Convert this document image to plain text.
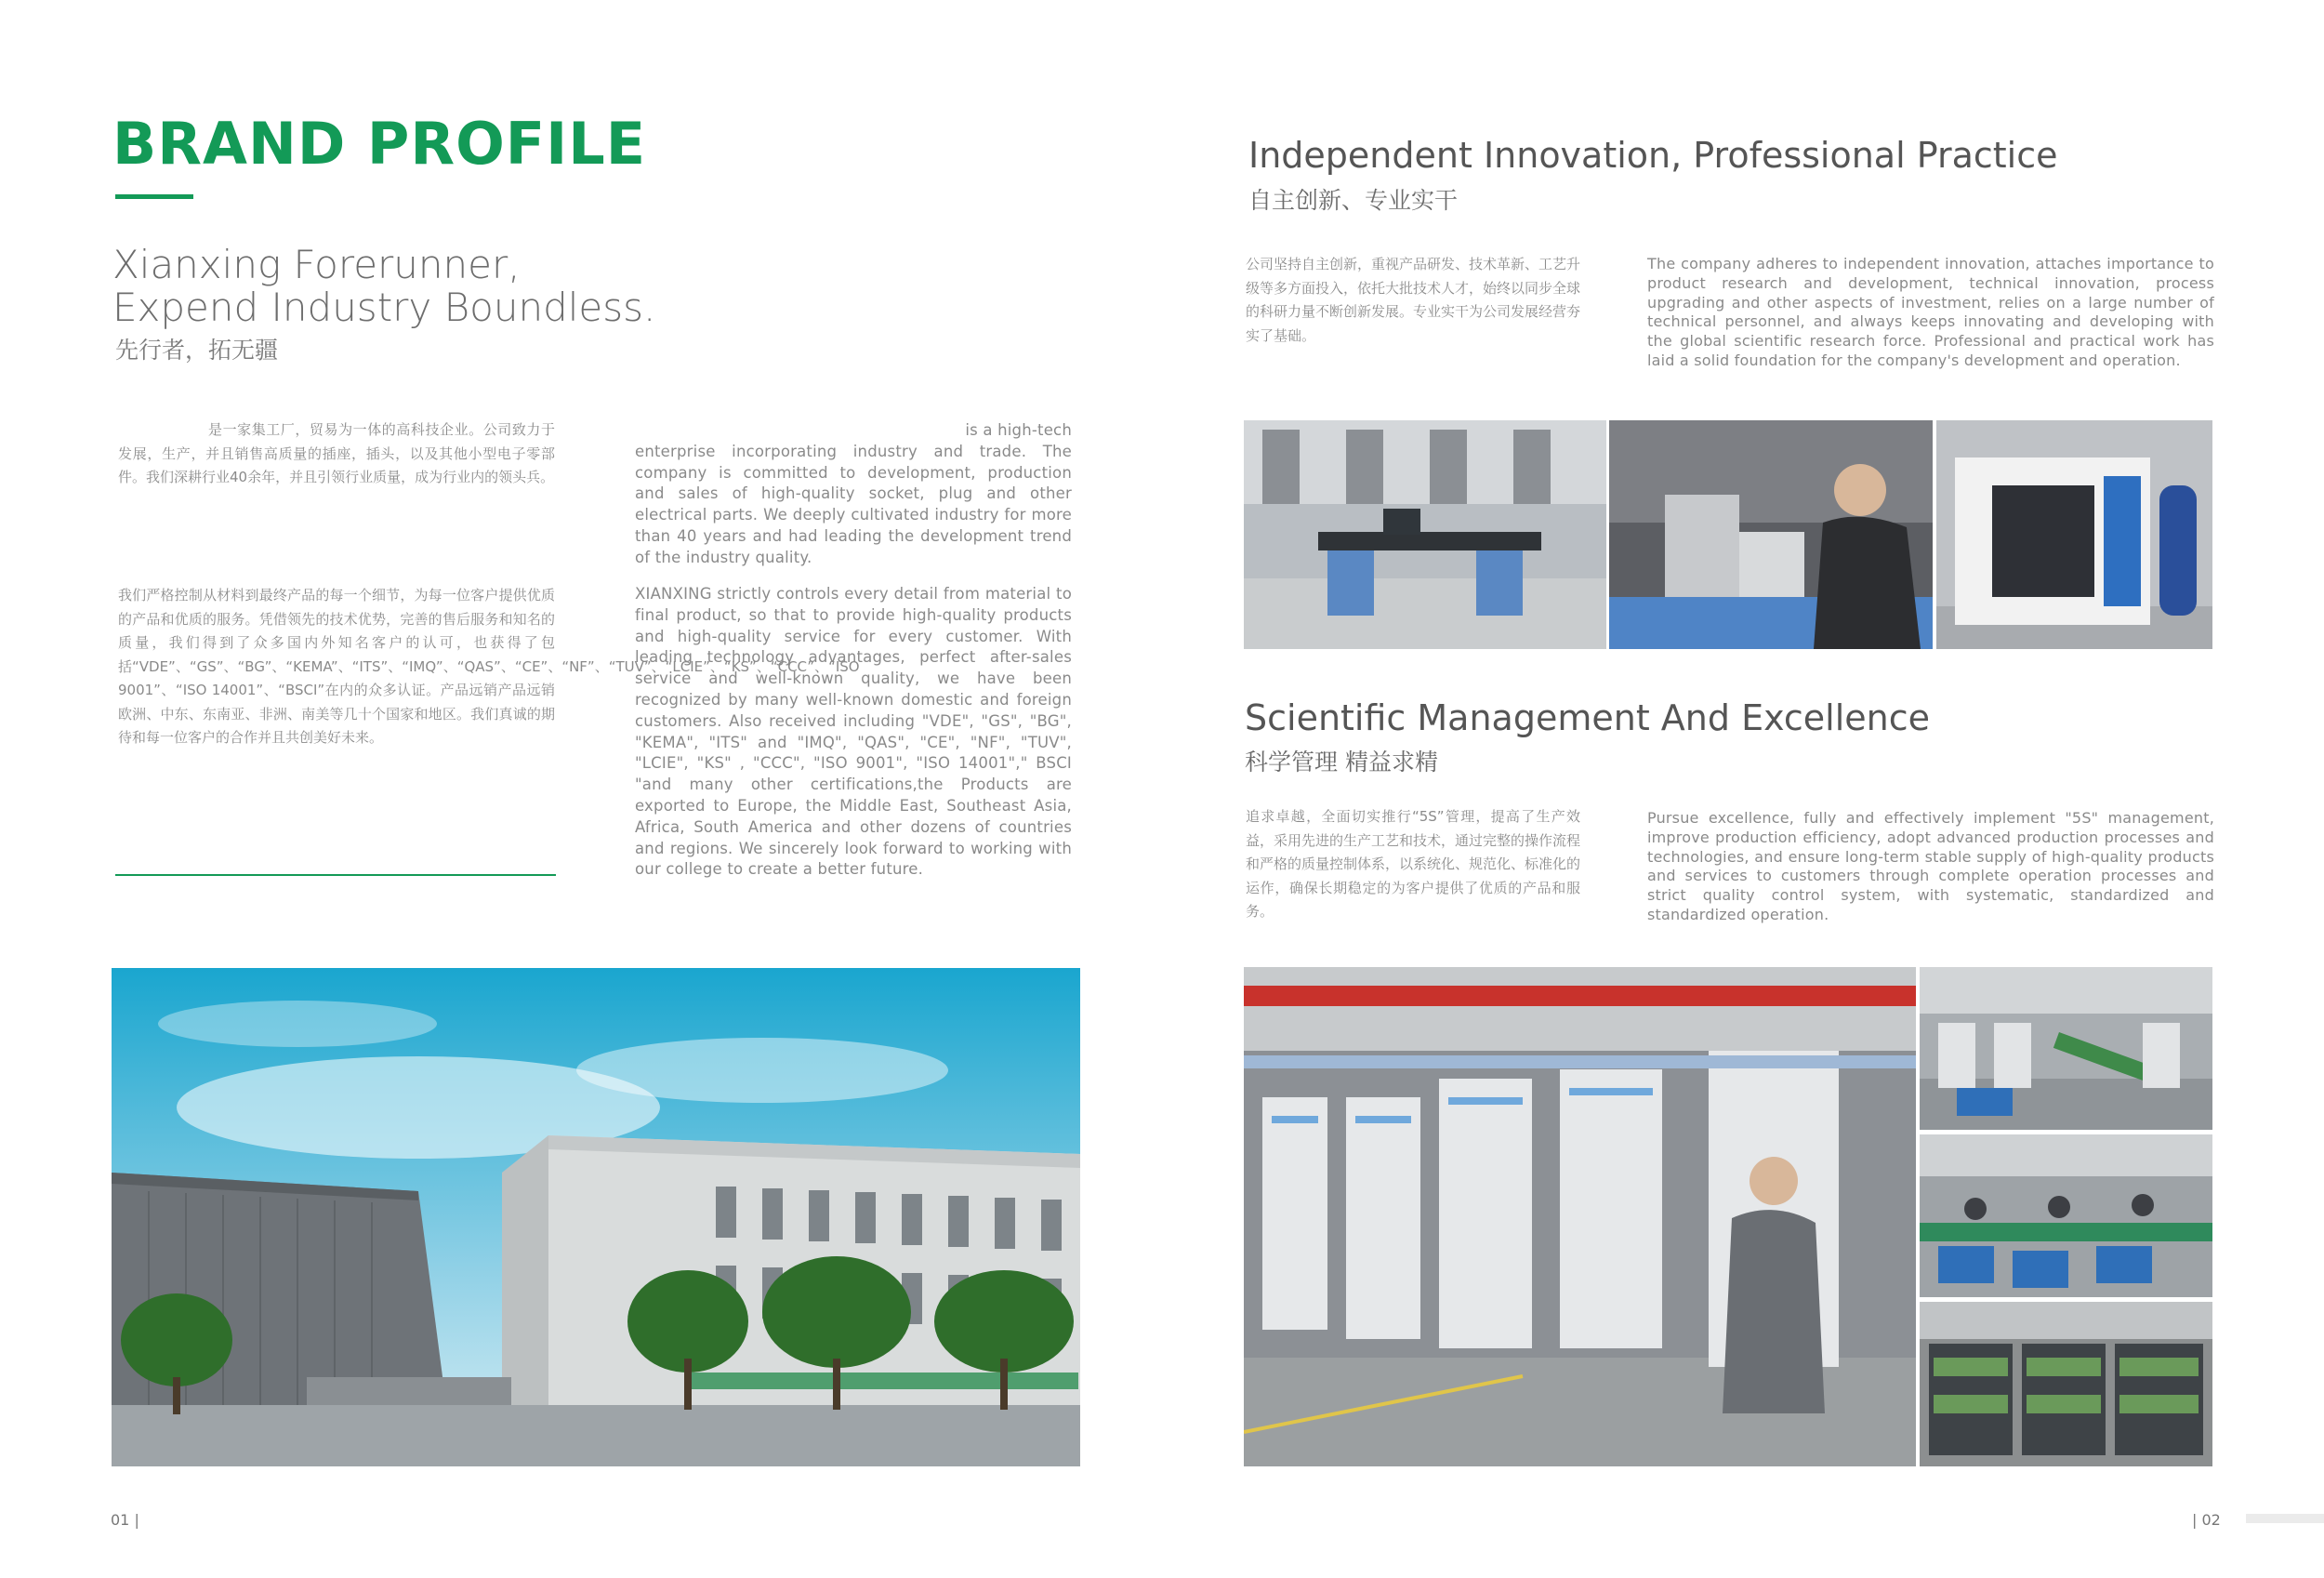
BRAND PROFILE
Xianxing Forerunner,
Expend Industry Boundless.
先行者，拓无疆

是一家集工厂，贸易为一体的高科技企业。公司致力于发展，生产，并且销售高质量的插座，插头，以及其他小型电子零部件。我们深耕行业40余年，并且引领行业质量，成为行业内的领头兵。

我们严格控制从材料到最终产品的每一个细节，为每一位客户提供优质的产品和优质的服务。凭借领先的技术优势，完善的售后服务和知名的质量，我们得到了众多国内外知名客户的认可，也获得了包括“VDE”、“GS”、“BG”、“KEMA”、“ITS”、“IMQ”、“QAS”、“CE”、“NF”、“TUV”、“LCIE”、“KS”、“CCC”、“ISO 9001”、“ISO 14001”、“BSCI”在内的众多认证。产品远销产品远销欧洲、中东、东南亚、非洲、南美等几十个国家和地区。我们真诚的期待和每一位客户的合作并且共创美好未来。

is a high-tech
enterprise incorporating industry and trade. The company is committed to development, production and sales of high-quality socket, plug and other electrical parts. We deeply cultivated industry for more than 40 years and had leading the development trend of the industry quality.

XIANXING strictly controls every detail from material to final product, so that to provide high-quality products and high-quality service for every customer. With leading technology advantages, perfect after-sales service and well-known quality, we have been recognized by many well-known domestic and foreign customers. Also received including "VDE", "GS", "BG", "KEMA", "ITS" and "IMQ", "QAS", "CE", "NF", "TUV", "LCIE", "KS" , "CCC", "ISO 9001", "ISO 14001"," BSCI "and many other certifications,the Products are exported to Europe, the Middle East, Southeast Asia, Africa, South America and other dozens of countries and regions. We sincerely look forward to working with our college to create a better future.

01 |
Independent Innovation, Professional Practice
自主创新、专业实干

公司坚持自主创新，重视产品研发、技术革新、工艺升级等多方面投入，依托大批技术人才，始终以同步全球的科研力量不断创新发展。专业实干为公司发展经营夯实了基础。

The company adheres to independent innovation, attaches importance to product research and development, technical innovation, process upgrading and other aspects of investment, relies on a large number of technical personnel, and always keeps innovating and developing with the global scientific research force. Professional and practical work has laid a solid foundation for the company's development and operation.

Scientific Management And Excellence
科学管理 精益求精

追求卓越，全面切实推行“5S”管理，提高了生产效益，采用先进的生产工艺和技术，通过完整的操作流程和严格的质量控制体系，以系统化、规范化、标准化的运作，确保长期稳定的为客户提供了优质的产品和服务。

Pursue excellence, fully and effectively implement "5S" management, improve production efficiency, adopt advanced production processes and technologies, and ensure long-term stable supply of high-quality products and services to customers through complete operation processes and strict quality control system, with systematic, standardized and standardized operation.

| 02
